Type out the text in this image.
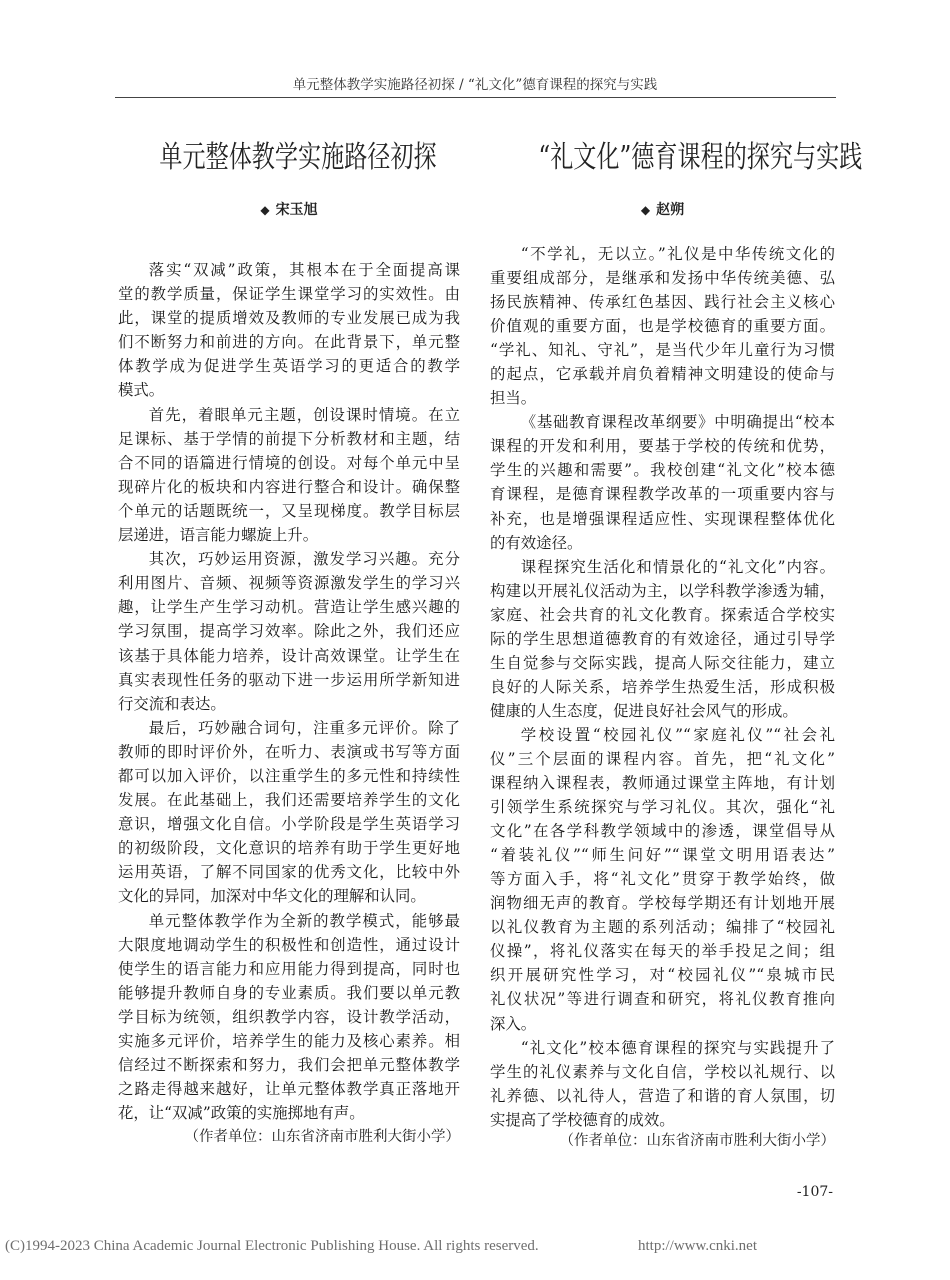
单元整体教学实施路径初探 / “礼文化”德育课程的探究与实践
单元整体教学实施路径初探	“礼文化”德育课程的探究与实践
◆ 宋玉旭	◆ 赵朔
落实“双减”政策，其根本在于全面提高课
堂的教学质量，保证学生课堂学习的实效性。由
此，课堂的提质增效及教师的专业发展已成为我
们不断努力和前进的方向。在此背景下，单元整
体教学成为促进学生英语学习的更适合的教学
模式。
首先，着眼单元主题，创设课时情境。在立
足课标、基于学情的前提下分析教材和主题，结
合不同的语篇进行情境的创设。对每个单元中呈
现碎片化的板块和内容进行整合和设计。确保整
个单元的话题既统一，又呈现梯度。教学目标层
层递进，语言能力螺旋上升。
其次，巧妙运用资源，激发学习兴趣。充分
利用图片、音频、视频等资源激发学生的学习兴
趣，让学生产生学习动机。营造让学生感兴趣的
学习氛围，提高学习效率。除此之外，我们还应
该基于具体能力培养，设计高效课堂。让学生在
真实表现性任务的驱动下进一步运用所学新知进
行交流和表达。
最后，巧妙融合词句，注重多元评价。除了
教师的即时评价外，在听力、表演或书写等方面
都可以加入评价，以注重学生的多元性和持续性
发展。在此基础上，我们还需要培养学生的文化
意识，增强文化自信。小学阶段是学生英语学习
的初级阶段，文化意识的培养有助于学生更好地
运用英语，了解不同国家的优秀文化，比较中外
文化的异同，加深对中华文化的理解和认同。
单元整体教学作为全新的教学模式，能够最
大限度地调动学生的积极性和创造性，通过设计
使学生的语言能力和应用能力得到提高，同时也
能够提升教师自身的专业素质。我们要以单元教
学目标为统领，组织教学内容，设计教学活动，
实施多元评价，培养学生的能力及核心素养。相
信经过不断探索和努力，我们会把单元整体教学
之路走得越来越好，让单元整体教学真正落地开
花，让“双减”政策的实施掷地有声。
（作者单位：山东省济南市胜利大街小学）
“不学礼，无以立。”礼仪是中华传统文化的
重要组成部分，是继承和发扬中华传统美德、弘
扬民族精神、传承红色基因、践行社会主义核心
价值观的重要方面，也是学校德育的重要方面。
“学礼、知礼、守礼”，是当代少年儿童行为习惯
的起点，它承载并肩负着精神文明建设的使命与
担当。
《基础教育课程改革纲要》中明确提出“校本
课程的开发和利用，要基于学校的传统和优势，
学生的兴趣和需要”。我校创建“礼文化”校本德
育课程，是德育课程教学改革的一项重要内容与
补充，也是增强课程适应性、实现课程整体优化
的有效途径。
课程探究生活化和情景化的“礼文化”内容。
构建以开展礼仪活动为主，以学科教学渗透为辅，
家庭、社会共育的礼文化教育。探索适合学校实
际的学生思想道德教育的有效途径，通过引导学
生自觉参与交际实践，提高人际交往能力，建立
良好的人际关系，培养学生热爱生活，形成积极
健康的人生态度，促进良好社会风气的形成。
学校设置“校园礼仪”“家庭礼仪”“社会礼
仪”三个层面的课程内容。首先，把“礼文化”
课程纳入课程表，教师通过课堂主阵地，有计划
引领学生系统探究与学习礼仪。其次，强化“礼
文化”在各学科教学领域中的渗透，课堂倡导从
“着装礼仪”“师生问好”“课堂文明用语表达”
等方面入手，将“礼文化”贯穿于教学始终，做
润物细无声的教育。学校每学期还有计划地开展
以礼仪教育为主题的系列活动；编排了“校园礼
仪操”，将礼仪落实在每天的举手投足之间；组
织开展研究性学习，对“校园礼仪”“泉城市民
礼仪状况”等进行调查和研究，将礼仪教育推向
深入。
“礼文化”校本德育课程的探究与实践提升了
学生的礼仪素养与文化自信，学校以礼规行、以
礼养德、以礼待人，营造了和谐的育人氛围，切
实提高了学校德育的成效。
（作者单位：山东省济南市胜利大街小学）
-107-
(C)1994-2023 China Academic Journal Electronic Publishing House. All rights reserved.	http://www.cnki.net
